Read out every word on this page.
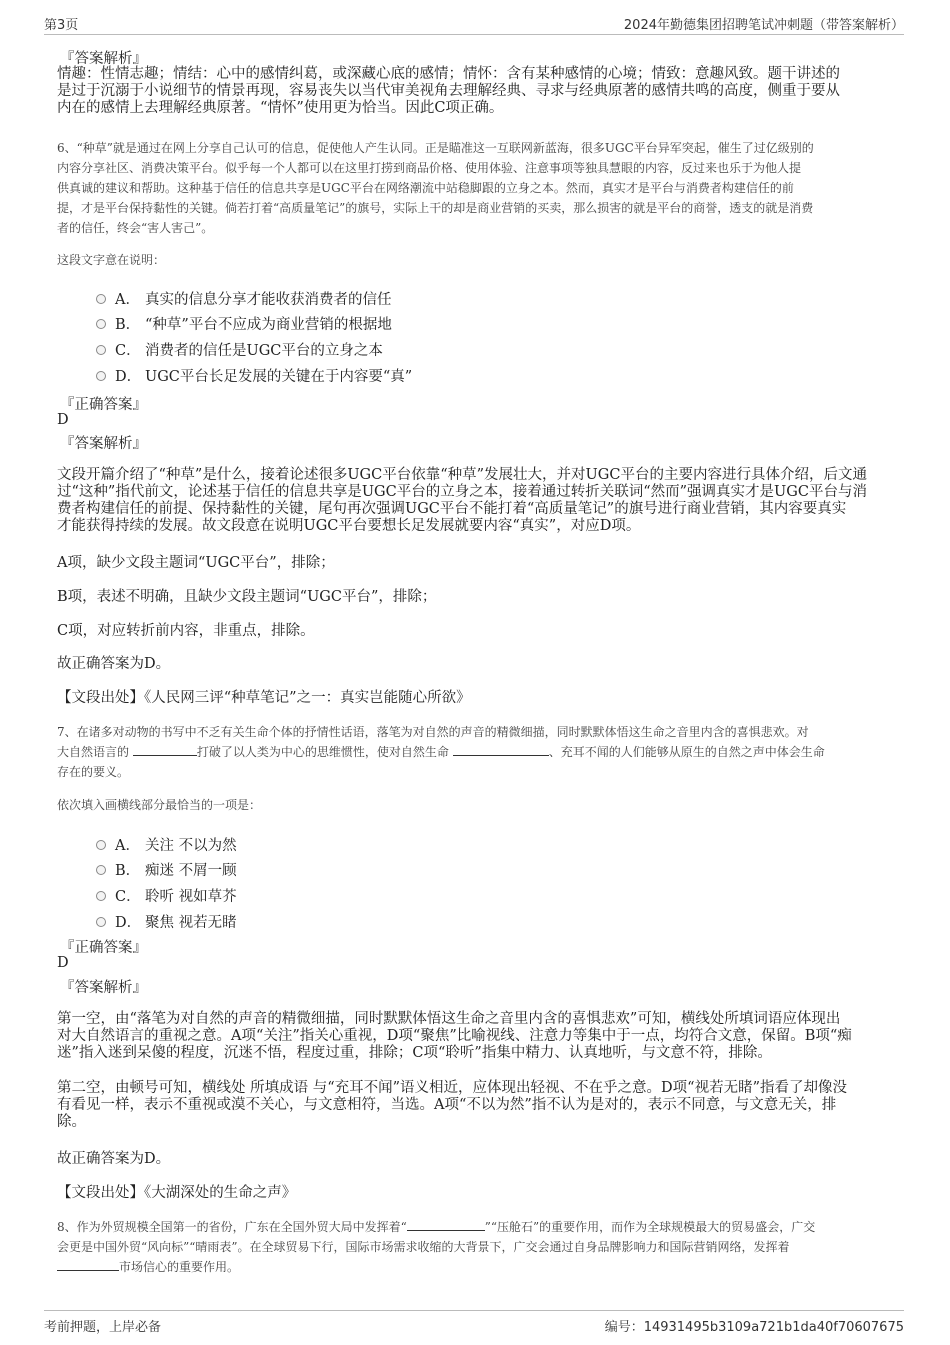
第3页	2024年勤德集团招聘笔试冲刺题（带答案解析）
『答案解析』
情趣：性情志趣；情结：心中的感情纠葛，或深藏心底的感情；情怀：含有某种感情的心境；情致：意趣风致。题干讲述的
是过于沉溺于小说细节的情景再现，容易丧失以当代审美视角去理解经典、寻求与经典原著的感情共鸣的高度，侧重于要从
内在的感情上去理解经典原著。“情怀”使用更为恰当。因此C项正确。
6、“种草”就是通过在网上分享自己认可的信息，促使他人产生认同。正是瞄准这一互联网新蓝海，很多UGC平台异军突起，催生了过亿级别的
内容分享社区、消费决策平台。似乎每一个人都可以在这里打捞到商品价格、使用体验、注意事项等独具慧眼的内容，反过来也乐于为他人提
供真诚的建议和帮助。这种基于信任的信息共享是UGC平台在网络潮流中站稳脚跟的立身之本。然而，真实才是平台与消费者构建信任的前
提，才是平台保持黏性的关键。倘若打着“高质量笔记”的旗号，实际上干的却是商业营销的买卖，那么损害的就是平台的商誉，透支的就是消费
者的信任，终会“害人害己”。
这段文字意在说明：
A． 真实的信息分享才能收获消费者的信任
B． “种草”平台不应成为商业营销的根据地
C． 消费者的信任是UGC平台的立身之本
D． UGC平台长足发展的关键在于内容要“真”
『正确答案』
D
『答案解析』
文段开篇介绍了“种草”是什么，接着论述很多UGC平台依靠“种草”发展壮大，并对UGC平台的主要内容进行具体介绍，后文通
过“这种”指代前文，论述基于信任的信息共享是UGC平台的立身之本，接着通过转折关联词“然而”强调真实才是UGC平台与消
费者构建信任的前提、保持黏性的关键，尾句再次强调UGC平台不能打着“高质量笔记”的旗号进行商业营销，其内容要真实
才能获得持续的发展。故文段意在说明UGC平台要想长足发展就要内容“真实”，对应D项。
A项，缺少文段主题词“UGC平台”，排除；
B项，表述不明确，且缺少文段主题词“UGC平台”，排除；
C项，对应转折前内容，非重点，排除。
故正确答案为D。
【文段出处】《人民网三评“种草笔记”之一：真实岂能随心所欲》
7、在诸多对动物的书写中不乏有关生命个体的抒情性话语，落笔为对自然的声音的精微细描，同时默默体悟这生命之音里内含的喜惧悲欢。对
大自然语言的	打破了以人类为中心的思维惯性，使对自然生命	、充耳不闻的人们能够从原生的自然之声中体会生命
存在的要义。
依次填入画横线部分最恰当的一项是：
A． 关注 不以为然
B． 痴迷 不屑一顾
C． 聆听 视如草芥
D． 聚焦 视若无睹
『正确答案』
D
『答案解析』
第一空，由“落笔为对自然的声音的精微细描，同时默默体悟这生命之音里内含的喜惧悲欢”可知，横线处所填词语应体现出
对大自然语言的重视之意。A项“关注”指关心重视，D项“聚焦”比喻视线、注意力等集中于一点，均符合文意，保留。B项“痴
迷”指入迷到呆傻的程度，沉迷不悟，程度过重，排除；C项“聆听”指集中精力、认真地听，与文意不符，排除。
第二空，由顿号可知，横线处 所填成语 与“充耳不闻”语义相近，应体现出轻视、不在乎之意。D项“视若无睹”指看了却像没
有看见一样，表示不重视或漠不关心，与文意相符，当选。A项“不以为然”指不认为是对的，表示不同意，与文意无关，排
除。
故正确答案为D。
【文段出处】《大湖深处的生命之声》
8、作为外贸规模全国第一的省份，广东在全国外贸大局中发挥着“	”“压舱石”的重要作用，而作为全球规模最大的贸易盛会，广交
会更是中国外贸“风向标”“晴雨表”。在全球贸易下行，国际市场需求收缩的大背景下，广交会通过自身品牌影响力和国际营销网络，发挥着
市场信心的重要作用。
考前押题，上岸必备	编号：14931495b3109a721b1da40f70607675
